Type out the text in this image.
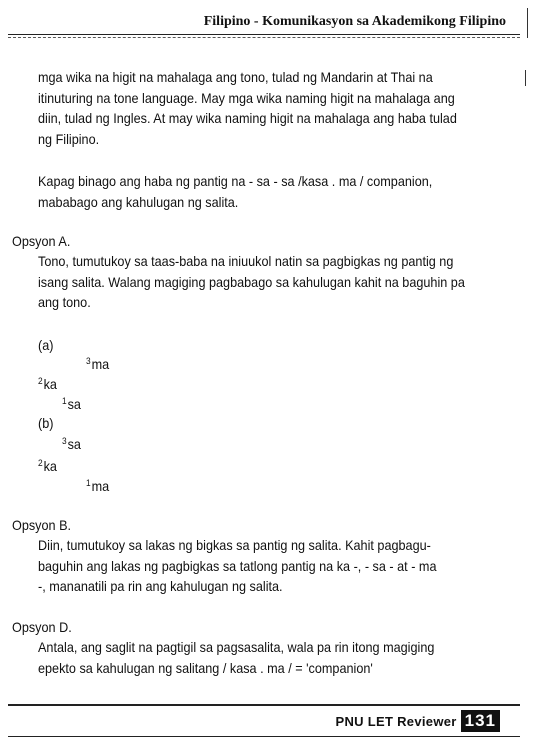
Filipino - Komunikasyon sa Akademikong Filipino
mga wika na higit na mahalaga ang tono, tulad ng Mandarin at Thai na
itinuturing na tone language. May mga wika naming higit na mahalaga ang
diin, tulad ng Ingles. At may wika naming higit na mahalaga ang haba tulad
ng Filipino.
Kapag binago ang haba ng pantig na - sa - sa /kasa . ma / companion,
mababago ang kahulugan ng salita.
Opsyon A.
Tono, tumutukoy sa taas-baba na iniuukol natin sa pagbigkas ng pantig ng
isang salita. Walang magiging pagbabago sa kahulugan kahit na baguhin pa
ang tono.
(a)
$^3$ma
$^2$ka
$^1$sa
(b)
$^3$sa
$^2$ka
$^1$ma
Opsyon B.
Diin, tumutukoy sa lakas ng bigkas sa pantig ng salita. Kahit pagbagu-
baguhin ang lakas ng pagbigkas sa tatlong pantig na ka -, - sa - at - ma
-, mananatili pa rin ang kahulugan ng salita.
Opsyon D.
Antala, ang saglit na pagtigil sa pagsasalita, wala pa rin itong magiging
epekto sa kahulugan ng salitang / kasa . ma / = 'companion'
PNU LET Reviewer 131
